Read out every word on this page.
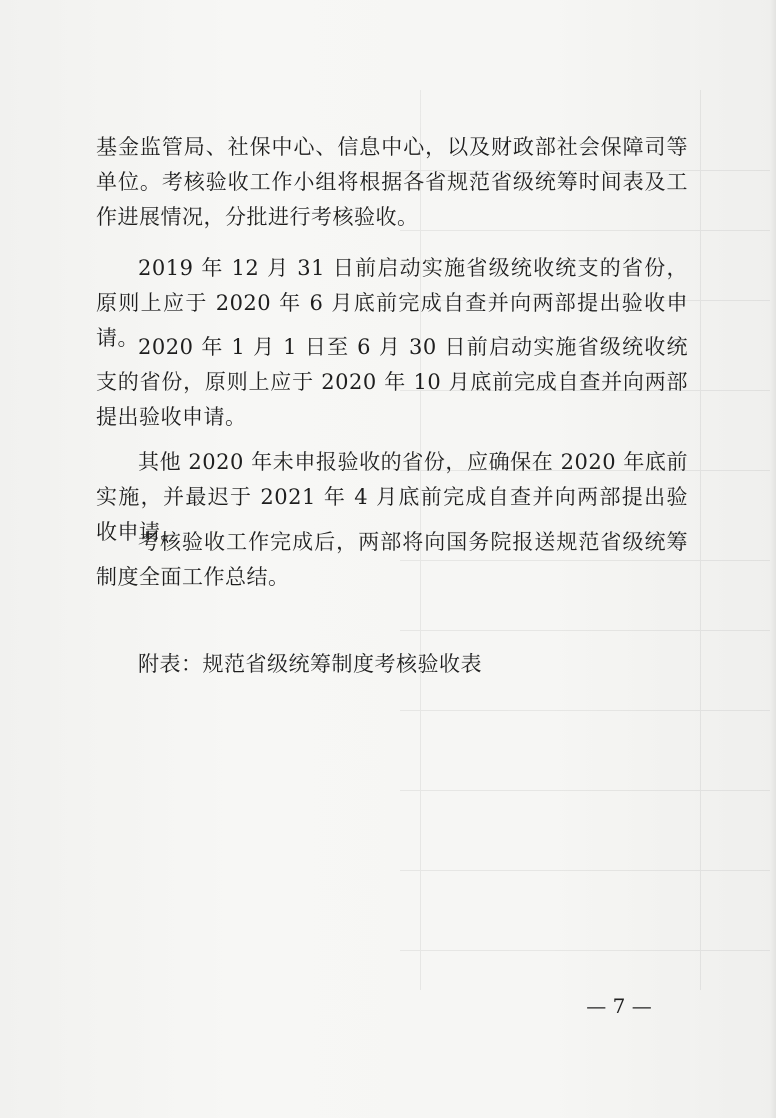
基金监管局、社保中心、信息中心，以及财政部社会保障司等单位。考核验收工作小组将根据各省规范省级统筹时间表及工作进展情况，分批进行考核验收。

2019 年 12 月 31 日前启动实施省级统收统支的省份，原则上应于 2020 年 6 月底前完成自查并向两部提出验收申请。 2020 年 1 月 1 日至 6 月 30 日前启动实施省级统收统支的省份，原则上应于 2020 年 10 月底前完成自查并向两部提出验收申请。

其他 2020 年未申报验收的省份，应确保在 2020 年底前实施，并最迟于 2021 年 4 月底前完成自查并向两部提出验收申请。

考核验收工作完成后，两部将向国务院报送规范省级统筹制度全面工作总结。

附表：规范省级统筹制度考核验收表

— 7 —
